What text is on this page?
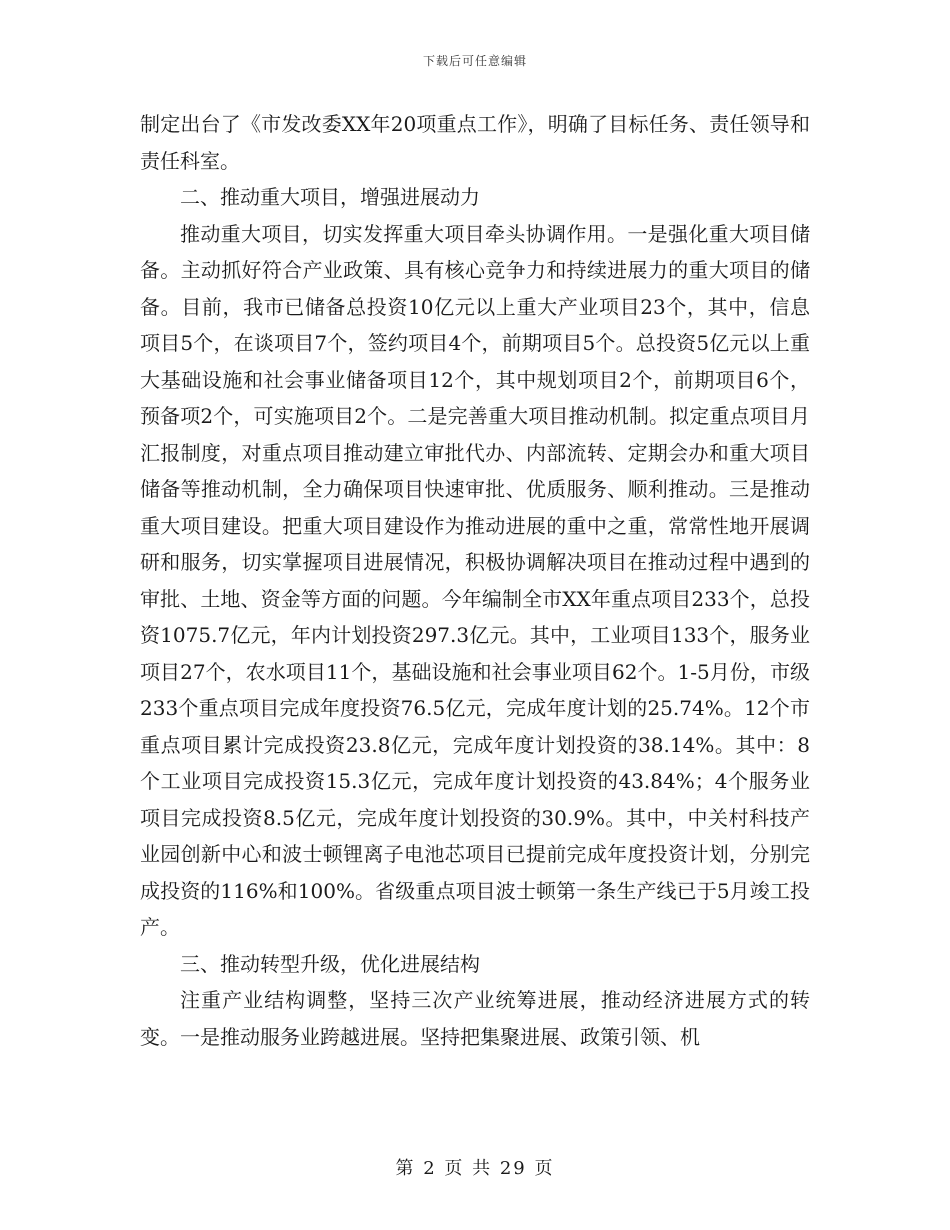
下载后可任意编辑

制定出台了《市发改委XX年20项重点工作》，明确了目标任务、责任领导和责任科室。

二、推动重大项目，增强进展动力

推动重大项目，切实发挥重大项目牵头协调作用。一是强化重大项目储备。主动抓好符合产业政策、具有核心竞争力和持续进展力的重大项目的储备。目前，我市已储备总投资10亿元以上重大产业项目23个，其中，信息项目5个，在谈项目7个，签约项目4个，前期项目5个。总投资5亿元以上重大基础设施和社会事业储备项目12个，其中规划项目2个，前期项目6个，预备项2个，可实施项目2个。二是完善重大项目推动机制。拟定重点项目月汇报制度，对重点项目推动建立审批代办、内部流转、定期会办和重大项目储备等推动机制，全力确保项目快速审批、优质服务、顺利推动。三是推动重大项目建设。把重大项目建设作为推动进展的重中之重，常常性地开展调研和服务，切实掌握项目进展情况，积极协调解决项目在推动过程中遇到的审批、土地、资金等方面的问题。今年编制全市XX年重点项目233个，总投资1075.7亿元，年内计划投资297.3亿元。其中，工业项目133个，服务业项目27个，农水项目11个，基础设施和社会事业项目62个。1-5月份，市级233个重点项目完成年度投资76.5亿元，完成年度计划的25.74%。12个市重点项目累计完成投资23.8亿元，完成年度计划投资的38.14%。其中：8个工业项目完成投资15.3亿元，完成年度计划投资的43.84%；4个服务业项目完成投资8.5亿元，完成年度计划投资的30.9%。其中，中关村科技产业园创新中心和波士顿锂离子电池芯项目已提前完成年度投资计划，分别完成投资的116%和100%。省级重点项目波士顿第一条生产线已于5月竣工投产。

三、推动转型升级，优化进展结构

注重产业结构调整，坚持三次产业统筹进展，推动经济进展方式的转变。一是推动服务业跨越进展。坚持把集聚进展、政策引领、机

第 2 页 共 29 页
